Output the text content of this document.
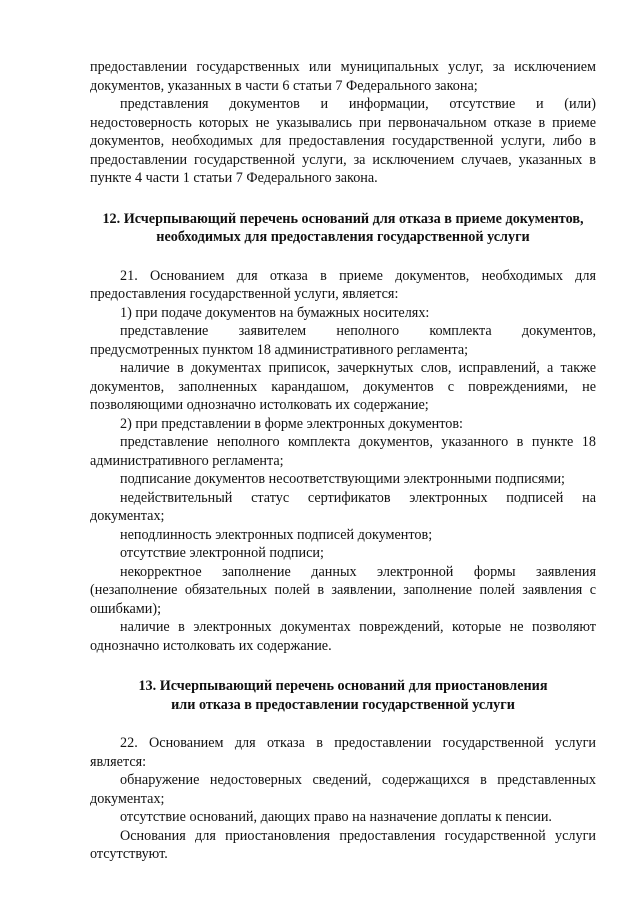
предоставлении государственных или муниципальных услуг, за исключением документов, указанных в части 6 статьи 7 Федерального закона;

представления документов и информации, отсутствие и (или) недостоверность которых не указывались при первоначальном отказе в приеме документов, необходимых для предоставления государственной услуги, либо в предоставлении государственной услуги, за исключением случаев, указанных в пункте 4 части 1 статьи 7 Федерального закона.

12. Исчерпывающий перечень оснований для отказа в приеме документов, необходимых для предоставления государственной услуги

21. Основанием для отказа в приеме документов, необходимых для предоставления государственной услуги, является:

1) при подаче документов на бумажных носителях:

представление заявителем неполного комплекта документов, предусмотренных пунктом 18 административного регламента;

наличие в документах приписок, зачеркнутых слов, исправлений, а также документов, заполненных карандашом, документов с повреждениями, не позволяющими однозначно истолковать их содержание;

2) при представлении в форме электронных документов:

представление неполного комплекта документов, указанного в пункте 18 административного регламента;

подписание документов несоответствующими электронными подписями;

недействительный статус сертификатов электронных подписей на документах;

неподлинность электронных подписей документов;

отсутствие электронной подписи;

некорректное заполнение данных электронной формы заявления (незаполнение обязательных полей в заявлении, заполнение полей заявления с ошибками);

наличие в электронных документах повреждений, которые не позволяют однозначно истолковать их содержание.

13. Исчерпывающий перечень оснований для приостановления

или отказа в предоставлении государственной услуги

22. Основанием для отказа в предоставлении государственной услуги является:

обнаружение недостоверных сведений, содержащихся в представленных документах;

отсутствие оснований, дающих право на назначение доплаты к пенсии.

Основания для приостановления предоставления государственной услуги отсутствуют.
